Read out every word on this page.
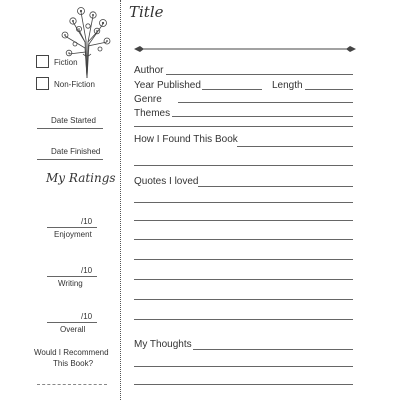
Fiction
Non-Fiction
Date Started
Date Finished
My Ratings
/10
Enjoyment
/10
Writing
/10
Overall
Would I Recommend
This Book?
Title
Author
Year Published	Length
Genre
Themes
How I Found This Book
Quotes I loved
My Thoughts
